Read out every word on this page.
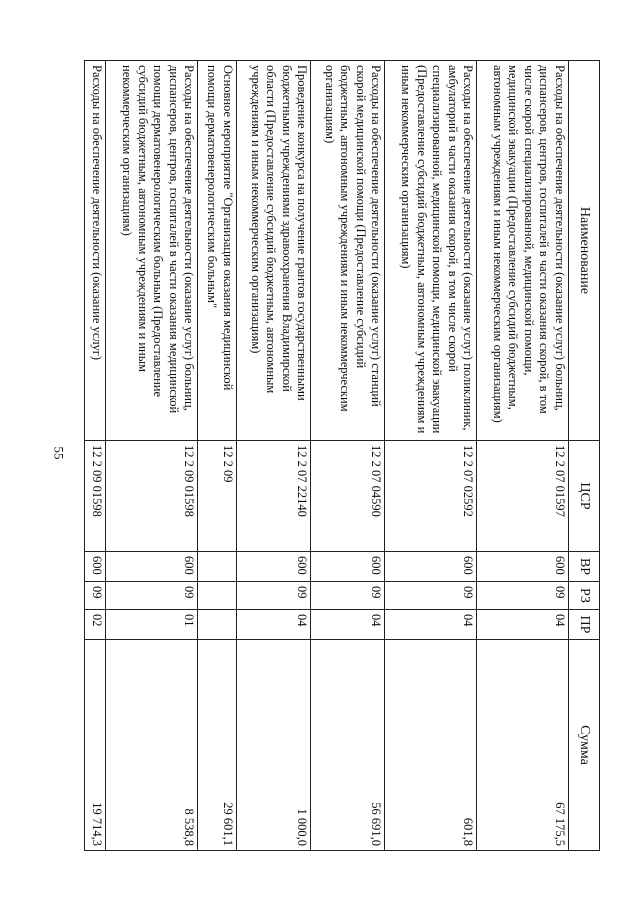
55
Наименование	ЦСР	ВР	РЗ	ПР	Сумма
Расходы на обеспечение деятельности (оказание услуг) больниц, диспансеров, центров, госпиталей в части оказания скорой, в том числе скорой специализированной, медицинской помощи, медицинской эвакуации (Предоставление субсидий бюджетным, автономным учреждениям и иным некоммерческим организациям)	12 2 07 01597	600	09	04	67 175,5
Расходы на обеспечение деятельности (оказание услуг) поликлиник, амбулаторий в части оказания скорой, в том числе скорой специализированной, медицинской помощи, медицинской эвакуации (Предоставление субсидий бюджетным, автономным учреждениям и иным некоммерческим организациям)	12 2 07 02592	600	09	04	601,8
Расходы на обеспечение деятельности (оказание услуг) станций скорой медицинской помощи (Предоставление субсидий бюджетным, автономным учреждениям и иным некоммерческим организациям)	12 2 07 04590	600	09	04	56 691,0
Проведение конкурса на получение грантов государственными бюджетными учреждениями здравоохранения Владимирской области (Предоставление субсидий бюджетным, автономным учреждениям и иным некоммерческим организациям)	12 2 07 22140	600	09	04	1 000,0
Основное мероприятие "Организация оказания медицинской помощи дерматовенерологическим больным"	12 2 09				29 601,1
Расходы на обеспечение деятельности (оказание услуг) больниц, диспансеров, центров, госпиталей в части оказания медицинской помощи дерматовенерологическим больным (Предоставление субсидий бюджетным, автономным учреждениям и иным некоммерческим организациям)	12 2 09 01598	600	09	01	8 538,8
Расходы на обеспечение деятельности (оказание услуг)	12 2 09 01598	600	09	02	19 714,3
